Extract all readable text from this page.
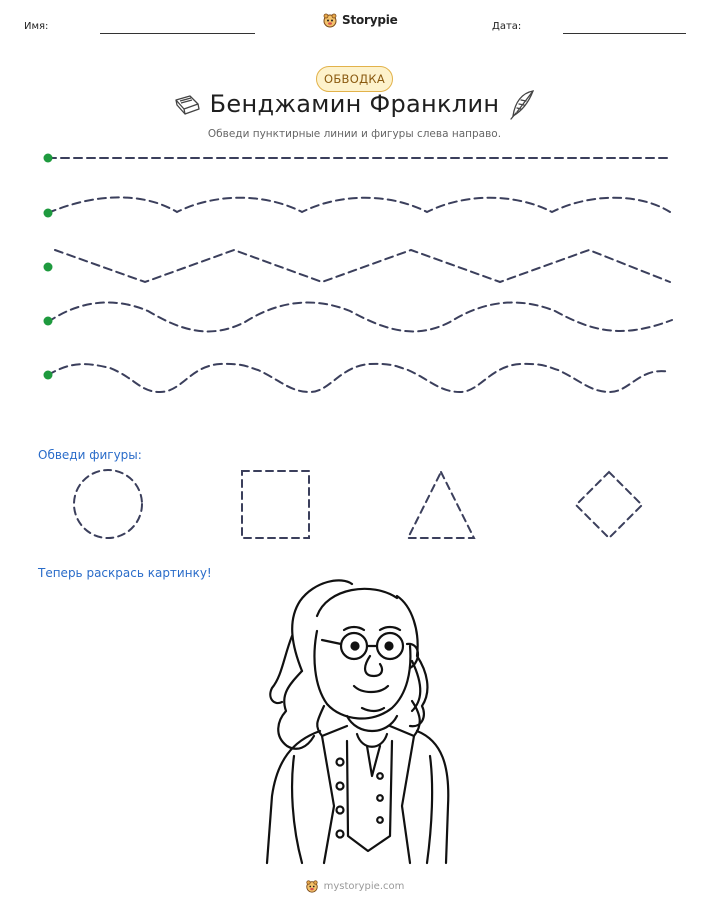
Имя:	Storypie	Дата:
ОБВОДКА
Бенджамин Франклин
Обведи пунктирные линии и фигуры слева направо.
Обведи фигуры:
Теперь раскрась картинку!
mystorypie.com
